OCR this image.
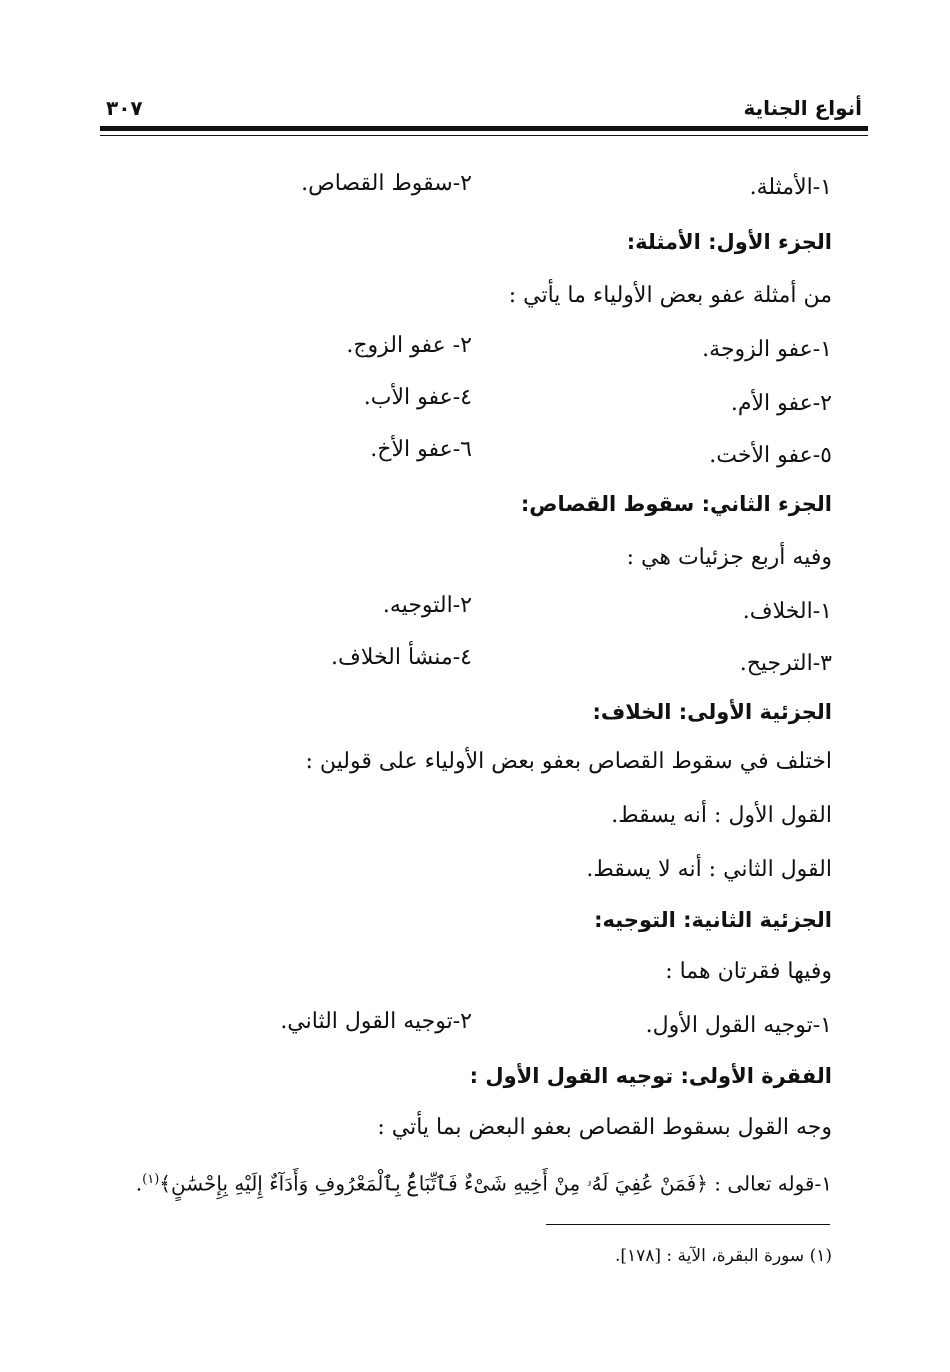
أنواع الجناية
٣٠٧
١-الأمثلة.
٢-سقوط القصاص.
الجزء الأول: الأمثلة:
من أمثلة عفو بعض الأولياء ما يأتي :
١-عفو الزوجة.
٢- عفو الزوج.
٢-عفو الأم.
٤-عفو الأب.
٥-عفو الأخت.
٦-عفو الأخ.
الجزء الثاني: سقوط القصاص:
وفيه أربع جزئيات هي :
١-الخلاف.
٢-التوجيه.
٣-الترجيح.
٤-منشأ الخلاف.
الجزئية الأولى: الخلاف:
اختلف في سقوط القصاص بعفو بعض الأولياء على قولين :
القول الأول : أنه يسقط.
القول الثاني : أنه لا يسقط.
الجزئية الثانية: التوجيه:
وفيها فقرتان هما :
١-توجيه القول الأول.
٢-توجيه القول الثاني.
الفقرة الأولى: توجيه القول الأول :
وجه القول بسقوط القصاص بعفو البعض بما يأتي :
١-قوله تعالى : ﴿فَمَنْ عُفِيَ لَهُۥ مِنْ أَخِيهِ شَىْءٌ فَٱتِّبَاعٌۢ بِٱلْمَعْرُوفِ وَأَدَآءٌ إِلَيْهِ بِإِحْسَٰنٍ﴾$^{(١)}$.
(١) سورة البقرة، الآية : [١٧٨].
